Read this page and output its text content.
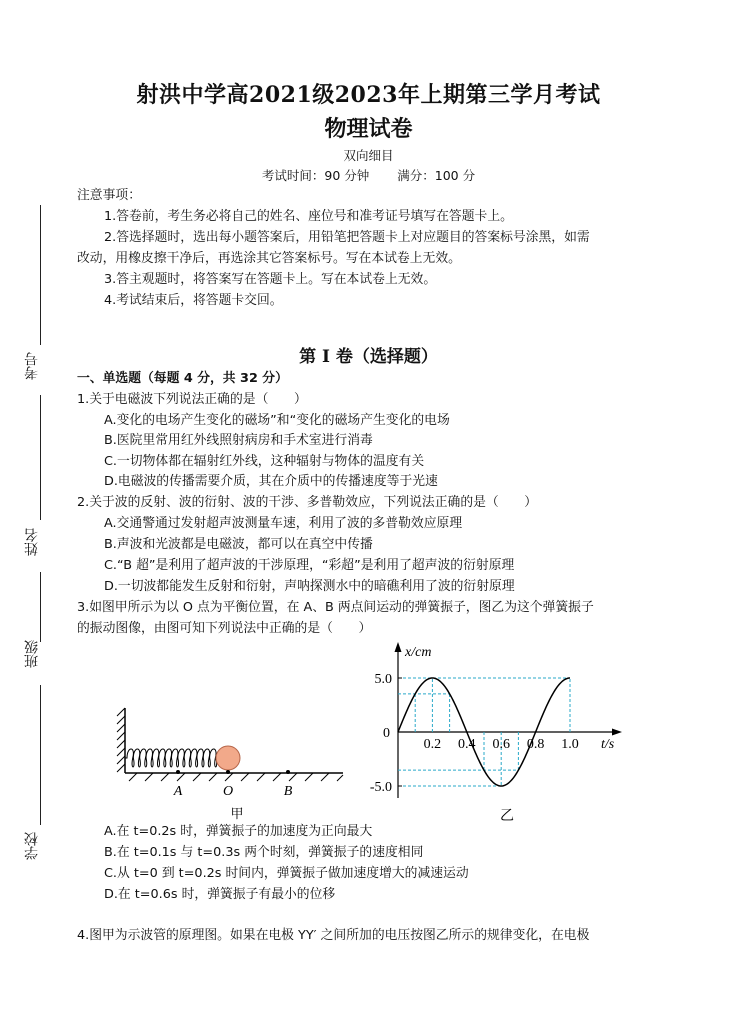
射洪中学高2021级2023年上期第三学月考试
物理试卷
双向细目
考试时间：90 分钟 满分：100 分
注意事项：
1.答卷前，考生务必将自己的姓名、座位号和准考证号填写在答题卡上。
2.答选择题时，选出每小题答案后，用铅笔把答题卡上对应题目的答案标号涂黑，如需
改动，用橡皮擦干净后，再选涂其它答案标号。写在本试卷上无效。
3.答主观题时，将答案写在答题卡上。写在本试卷上无效。
4.考试结束后，将答题卡交回。
考号
姓名
班级
学校
第 I 卷（选择题）
一、单选题（每题 4 分，共 32 分）
1.关于电磁波下列说法正确的是（　　）
A.变化的电场产生变化的磁场”和“变化的磁场产生变化的电场
B.医院里常用红外线照射病房和手术室进行消毒
C.一切物体都在辐射红外线，这种辐射与物体的温度有关
D.电磁波的传播需要介质，其在介质中的传播速度等于光速
2.关于波的反射、波的衍射、波的干涉、多普勒效应，下列说法正确的是（　　）
A.交通警通过发射超声波测量车速，利用了波的多普勒效应原理
B.声波和光波都是电磁波，都可以在真空中传播
C.“B 超”是利用了超声波的干涉原理，“彩超”是利用了超声波的衍射原理
D.一切波都能发生反射和衍射，声呐探测水中的暗礁利用了波的衍射原理
3.如图甲所示为以 O 点为平衡位置，在 A、B 两点间运动的弹簧振子，图乙为这个弹簧振子
的振动图像，由图可知下列说法中正确的是（　　）
A	O	B
甲
x/cm
t/s
0
乙
0.2 0.4 0.6 0.8 1.0
5.0
-5.0
A.在 t=0.2s 时，弹簧振子的加速度为正向最大
B.在 t=0.1s 与 t=0.3s 两个时刻，弹簧振子的速度相同
C.从 t=0 到 t=0.2s 时间内，弹簧振子做加速度增大的减速运动
D.在 t=0.6s 时，弹簧振子有最小的位移
4.图甲为示波管的原理图。如果在电极 YY′ 之间所加的电压按图乙所示的规律变化，在电极
